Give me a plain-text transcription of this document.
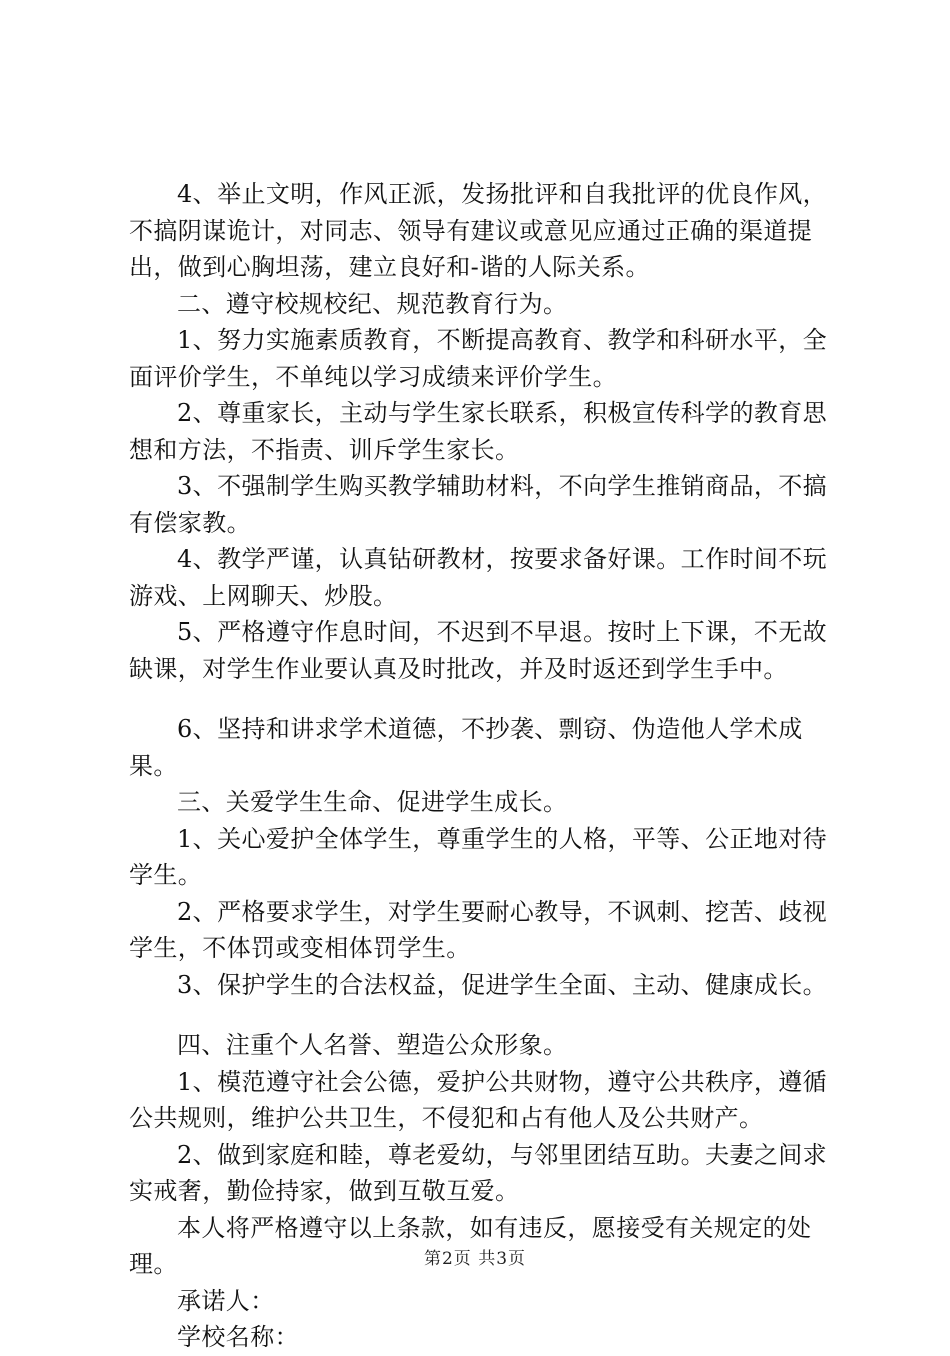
4、举止文明，作风正派，发扬批评和自我批评的优良作风，不搞阴谋诡计，对同志、领导有建议或意见应通过正确的渠道提出，做到心胸坦荡，建立良好和-谐的人际关系。

二、遵守校规校纪、规范教育行为。

1、努力实施素质教育，不断提高教育、教学和科研水平，全面评价学生，不单纯以学习成绩来评价学生。

2、尊重家长，主动与学生家长联系，积极宣传科学的教育思想和方法，不指责、训斥学生家长。

3、不强制学生购买教学辅助材料，不向学生推销商品，不搞有偿家教。

4、教学严谨，认真钻研教材，按要求备好课。工作时间不玩游戏、上网聊天、炒股。

5、严格遵守作息时间，不迟到不早退。按时上下课，不无故缺课，对学生作业要认真及时批改，并及时返还到学生手中。

6、坚持和讲求学术道德，不抄袭、剽窃、伪造他人学术成果。

三、关爱学生生命、促进学生成长。

1、关心爱护全体学生，尊重学生的人格，平等、公正地对待学生。

2、严格要求学生，对学生要耐心教导，不讽刺、挖苦、歧视学生，不体罚或变相体罚学生。

3、保护学生的合法权益，促进学生全面、主动、健康成长。

四、注重个人名誉、塑造公众形象。

1、模范遵守社会公德，爱护公共财物，遵守公共秩序，遵循公共规则，维护公共卫生，不侵犯和占有他人及公共财产。

2、做到家庭和睦，尊老爱幼，与邻里团结互助。夫妻之间求实戒奢，勤俭持家，做到互敬互爱。

本人将严格遵守以上条款，如有违反，愿接受有关规定的处理。

承诺人：

学校名称：

第2页 共3页
